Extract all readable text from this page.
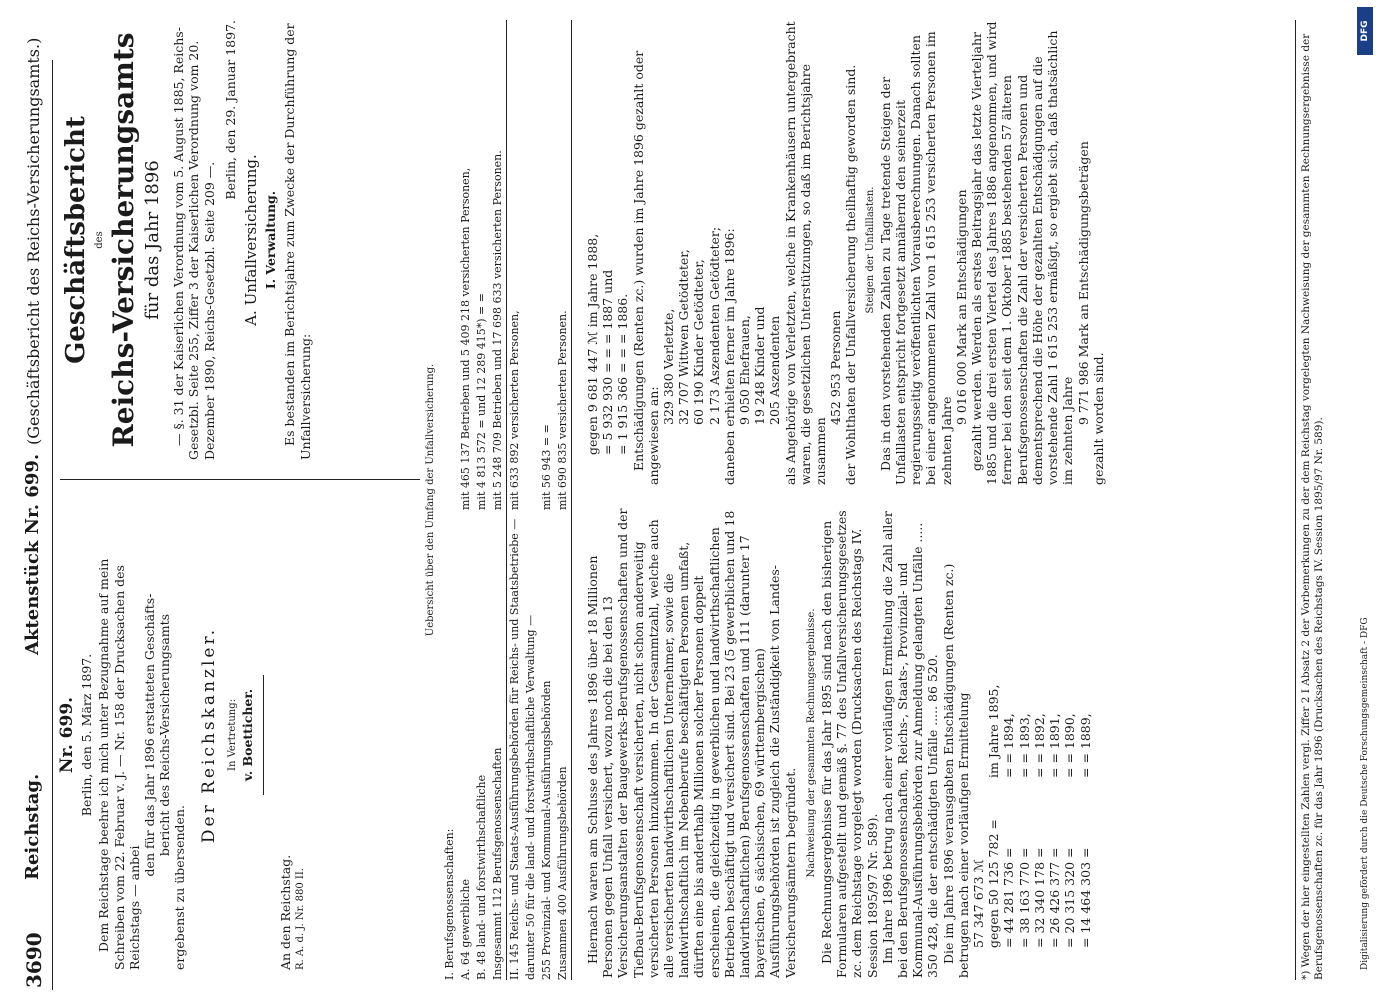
3690
Reichstag.
Aktenstück Nr. 699.
(Geschäftsbericht des Reichs-Versicherungsamts.)
Digitalisierung gefördert durch die Deutsche Forschungsgemeinschaft - DFG
DFG
Nr. 699. Berlin, den 5. März 1897. Dem Reichstage beehre ich mich unter Bezugnahme auf mein Schreiben vom 22. Februar v. J. — Nr. 158 der Drucksachen des Reichstags — anbei

den für das Jahr 1896 erstatteten Geschäfts- bericht des Reichs-Versicherungsamts

ergebenst zu übersenden.

Der Reichskanzler. In Vertretung: v. Boetticher.
An den Reichstag. R. A. d. J. Nr. 880 II.
Geschäftsbericht des Reichs-Versicherungsamts für das Jahr 1896 — §. 31 der Kaiserlichen Verordnung vom 5. August 1885, Reichs-Gesetzbl. Seite 255, Ziffer 3 der Kaiserlichen Verordnung vom 20. Dezember 1890, Reichs-Gesetzbl. Seite 209 —.

Berlin, den 29. Januar 1897.
A. Unfallversicherung. I. Verwaltung. Es bestanden im Berichtsjahre zum Zwecke der Durchführung der Unfallversicherung:	Uebersicht über den Umfang der Unfallversicherung.
I. Berufsgenossenschaften: A. 64 gewerbliche
mit 465 137 Betrieben und 5 409 218 versicherten Personen,
B. 48 land- und forstwirthschaftliche
mit 4 813 572 = und 12 289 415*) = =
Insgesammt 112 Berufsgenossenschaften
mit 5 248 709 Betrieben und 17 698 633 versicherten Personen.
II. 145 Reichs- und Staats-Ausführungsbehörden für Reichs- und Staatsbetriebe — darunter 50 für die land- und forstwirthschaftliche Verwaltung —
mit 633 892 versicherten Personen,
255 Provinzial- und Kommunal-Ausführungsbehörden
mit 56 943 = =
Zusammen 400 Ausführungsbehörden
mit 690 835 versicherten Personen.

Hiernach waren am Schlusse des Jahres 1896 über 18 Millionen Personen gegen Unfall versichert, wozu noch die bei den 13 Versicherungsanstalten der Baugewerks-Berufsgenossenschaften und der Tiefbau-Berufsgenossenschaft versicherten, nicht schon anderweitig versicherten Personen hinzukommen. In der Gesammtzahl, welche auch alle versicherten landwirthschaftlichen Unternehmer, sowie die landwirthschaftlich im Nebenberufe beschäftigten Personen umfaßt, dürften eine bis anderthalb Millionen solcher Personen doppelt erscheinen, die gleichzeitig in gewerblichen und landwirthschaftlichen Betrieben beschäftigt und versichert sind. Bei 23 (5 gewerblichen und 18 landwirthschaftlichen) Berufsgenossenschaften und 111 (darunter 17 bayerischen, 6 sächsischen, 69 württembergischen) Ausführungsbehörden ist zugleich die Zuständigkeit von Landes-Versicherungsämtern begründet. Nachweisung der gesammten Rechnungsergebnisse. Die Rechnungsergebnisse für das Jahr 1895 sind nach den bisherigen Formularen aufgestellt und gemäß §. 77 des Unfallversicherungsgesetzes zc. dem Reichstage vorgelegt worden (Drucksachen des Reichstags IV. Session 1895/97 Nr. 589). Im Jahre 1896 betrug nach einer vorläufigen Ermittelung die Zahl aller bei den Berufsgenossenschaften, Reichs-, Staats-, Provinzial- und Kommunal-Ausführungsbehörden zur Anmeldung gelangten Unfälle ..... 350 428, die der entschädigten Unfälle ..... 86 520. Die im Jahre 1896 verausgabten Entschädigungen (Renten zc.) betrugen nach einer vorläufigen Ermittelung 57 347 673 ℳ gegen 50 125 782 =
im Jahre 1895,
= 44 281 736 =
= = 1894,
= 38 163 770 =
= = 1893,
= 32 340 178 =
= = 1892,
= 26 426 377 =
= = 1891,
= 20 315 320 =
= = 1890,
= 14 464 303 =
= = 1889,
gegen 9 681 447 ℳ im Jahre 1888, = 5 932 930 = = = 1887 und = 1 915 366 = = = 1886. Entschädigungen (Renten zc.) wurden im Jahre 1896 gezahlt oder angewiesen an:

329 380 Verletzte, 32 707 Wittwen Getödteter, 60 190 Kinder Getödteter, 2 173 Aszendenten Getödteter; daneben erhielten ferner im Jahre 1896: 9 050 Ehefrauen, 19 248 Kinder und 205 Aszendenten als Angehörige von Verletzten, welche in Krankenhäusern untergebracht waren, die gesetzlichen Unterstützungen, so daß im Berichtsjahre zusammen

452 953 Personen der Wohlthaten der Unfallversicherung theilhaftig geworden sind. Steigen der Unfalllasten. Das in den vorstehenden Zahlen zu Tage tretende Steigen der Unfalllasten entspricht fortgesetzt annähernd den seinerzeit regierungsseitig veröffentlichten Vorausberechnungen. Danach sollten bei einer angenommenen Zahl von 1 615 253 versicherten Personen im zehnten Jahre

9 016 000 Mark an Entschädigungen gezahlt werden. Werden als erstes Beitragsjahr das letzte Vierteljahr 1885 und die drei ersten Viertel des Jahres 1886 angenommen, und wird ferner bei den seit dem 1. Oktober 1885 bestehenden 57 älteren Berufsgenossenschaften die Zahl der versicherten Personen und dementsprechend die Höhe der gezahlten Entschädigungen auf die vorstehende Zahl 1 615 253 ermäßigt, so ergiebt sich, daß thatsächlich im zehnten Jahre

9 771 986 Mark an Entschädigungsbeträgen gezahlt worden sind.	*) Wegen der hier eingestellten Zahlen vergl. Ziffer 2 I Absatz 2 der Vorbemerkungen zu der dem Reichstag vorgelegten Nachweisung der gesammten Rechnungsergebnisse der Berufsgenossenschaften zc. für das Jahr 1896 (Drucksachen des Reichstags IV. Session 1895/97 Nr. 589).
